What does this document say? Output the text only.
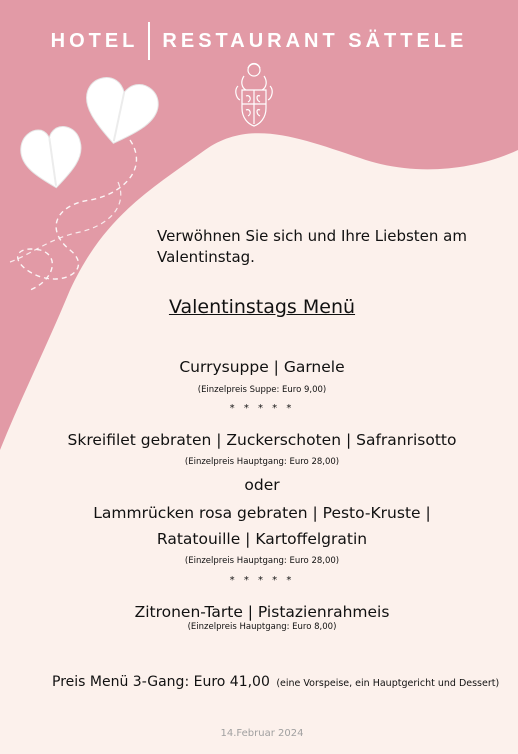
HOTEL RESTAURANT SÄTTELE
Verwöhnen Sie sich und Ihre Liebsten am Valentinstag.
Valentinstags Menü
Currysuppe | Garnele
(Einzelpreis Suppe: Euro 9,00)
* * * * *
Skreifilet gebraten | Zuckerschoten | Safranrisotto
(Einzelpreis Hauptgang: Euro 28,00)
oder
Lammrücken rosa gebraten | Pesto-Kruste |
Ratatouille | Kartoffelgratin
(Einzelpreis Hauptgang: Euro 28,00)
* * * * *
Zitronen-Tarte | Pistazienrahmeis
(Einzelpreis Hauptgang: Euro 8,00)
Preis Menü 3-Gang: Euro 41,00 (eine Vorspeise, ein Hauptgericht und Dessert)
14.Februar 2024
